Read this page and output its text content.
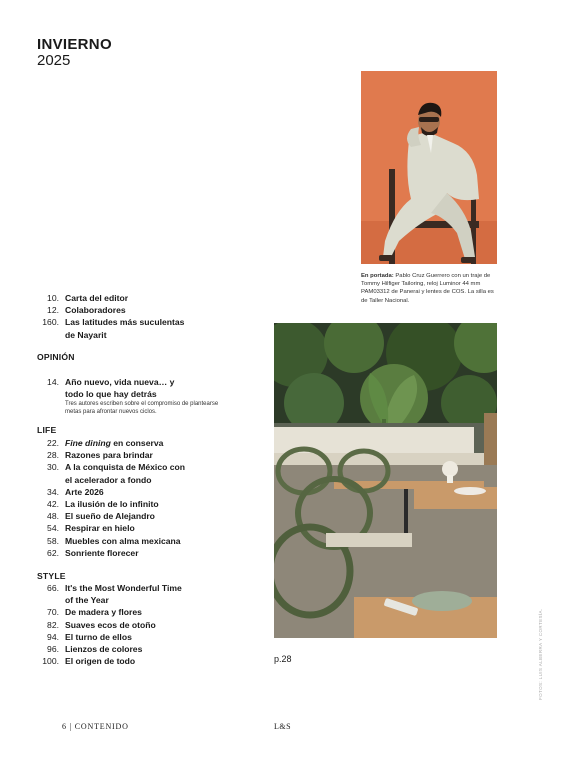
INVIERNO
2025
10. Carta del editor
12. Colaboradores
160. Las latitudes más suculentas de Nayarit
OPINIÓN
14. Año nuevo, vida nueva… y todo lo que hay detrás
Tres autores escriben sobre el compromiso de plantearse metas para afrontar nuevos ciclos.
LIFE
22. Fine dining en conserva
28. Razones para brindar
30. A la conquista de México con el acelerador a fondo
34. Arte 2026
42. La ilusión de lo infinito
48. El sueño de Alejandro
54. Respirar en hielo
58. Muebles con alma mexicana
62. Sonriente florecer
STYLE
66. It's the Most Wonderful Time of the Year
70. De madera y flores
82. Suaves ecos de otoño
94. El turno de ellos
96. Lienzos de colores
100. El origen de todo
En portada: Pablo Cruz Guerrero con un traje de Tommy Hilfiger Tailoring, reloj Luminor 44 mm PAM03312 de Panerai y lentes de COS. La silla es de Taller Nacional.
p.28	FOTOS: LUIS ALBERRA Y CORTESÍA.
6 | CONTENIDO	L&S
